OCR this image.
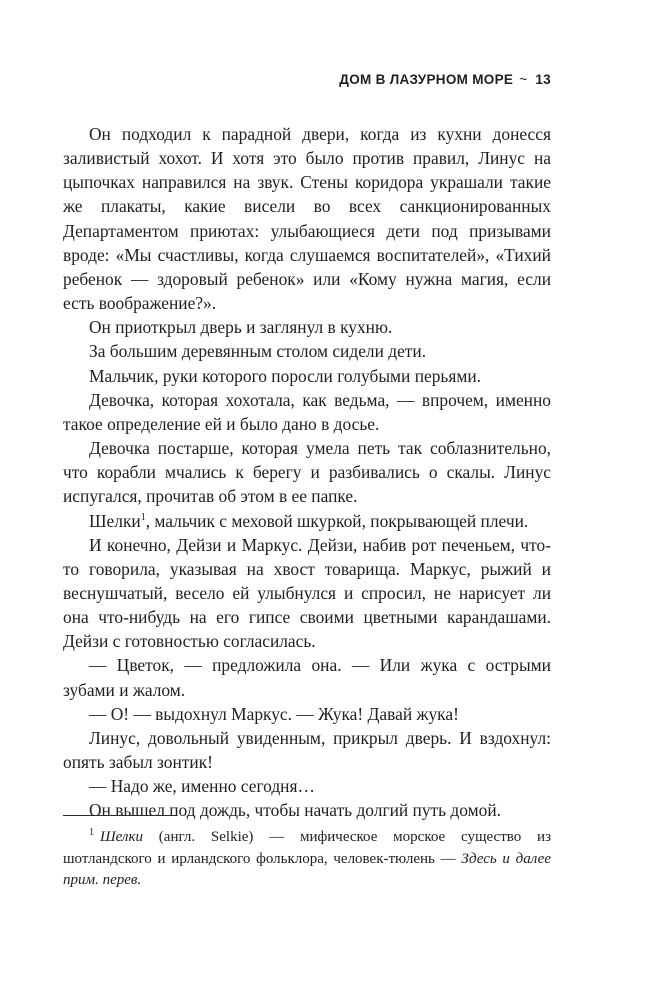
ДОМ В ЛАЗУРНОМ МОРЕ ~ 13

Он подходил к парадной двери, когда из кухни донесся заливистый хохот. И хотя это было против правил, Линус на цыпочках направился на звук. Стены коридора украшали такие же плакаты, какие висели во всех санкционированных Департаментом приютах: улыбающиеся дети под призывами вроде: «Мы счастливы, когда слушаемся воспитателей», «Тихий ребенок — здоровый ребенок» или «Кому нужна магия, если есть воображение?».

Он приоткрыл дверь и заглянул в кухню.

За большим деревянным столом сидели дети.

Мальчик, руки которого поросли голубыми перьями.

Девочка, которая хохотала, как ведьма, — впрочем, именно такое определение ей и было дано в досье.

Девочка постарше, которая умела петь так соблазнительно, что корабли мчались к берегу и разбивались о скалы. Линус испугался, прочитав об этом в ее папке.

Шелки$^1$, мальчик с меховой шкуркой, покрывающей плечи.

И конечно, Дейзи и Маркус. Дейзи, набив рот печеньем, что-то говорила, указывая на хвост товарища. Маркус, рыжий и веснушчатый, весело ей улыбнулся и спросил, не нарисует ли она что-нибудь на его гипсе своими цветными карандашами. Дейзи с готовностью согласилась.

— Цветок, — предложила она. — Или жука с острыми зубами и жалом.

— О! — выдохнул Маркус. — Жука! Давай жука!

Линус, довольный увиденным, прикрыл дверь. И вздохнул: опять забыл зонтик!

— Надо же, именно сегодня…

Он вышел под дождь, чтобы начать долгий путь домой.

$^1$ Шелки (англ. Selkie) — мифическое морское существо из шотландского и ирландского фольклора, человек-тюлень — Здесь и далее прим. перев.
